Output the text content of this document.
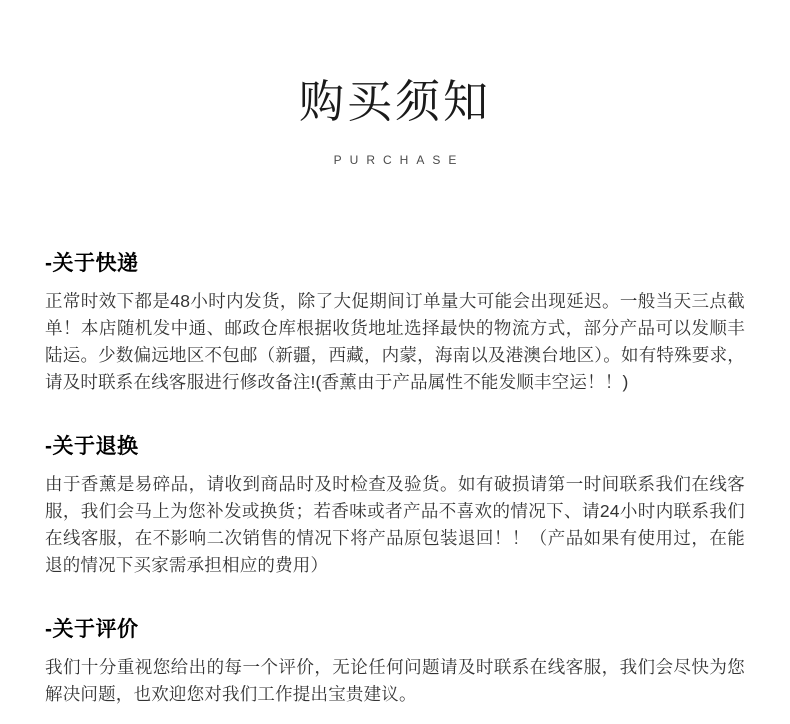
购买须知
PURCHASE
-关于快递
正常时效下都是48小时内发货，除了大促期间订单量大可能会出现延迟。一般当天三点截单！本店随机发中通、邮政仓库根据收货地址选择最快的物流方式，部分产品可以发顺丰陆运。少数偏远地区不包邮（新疆，西藏，内蒙，海南以及港澳台地区）。如有特殊要求，请及时联系在线客服进行修改备注!(香薰由于产品属性不能发顺丰空运！！)
-关于退换
由于香薰是易碎品，请收到商品时及时检查及验货。如有破损请第一时间联系我们在线客服，我们会马上为您补发或换货；若香味或者产品不喜欢的情况下、请24小时内联系我们在线客服，在不影响二次销售的情况下将产品原包装退回！！（产品如果有使用过，在能退的情况下买家需承担相应的费用）
-关于评价
我们十分重视您给出的每一个评价，无论任何问题请及时联系在线客服，我们会尽快为您解决问题，也欢迎您对我们工作提出宝贵建议。
